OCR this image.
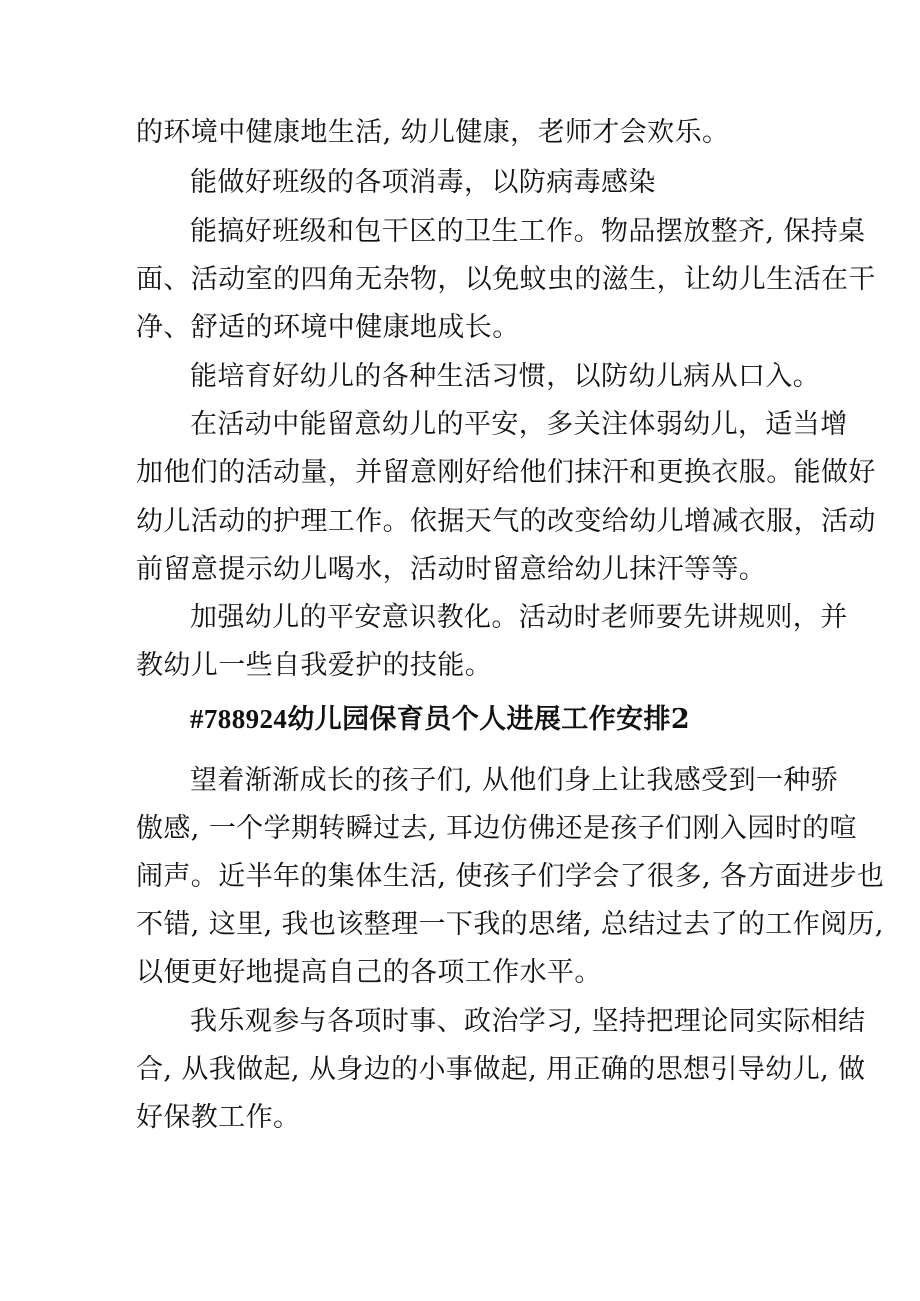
的环境中健康地生活, 幼儿健康，老师才会欢乐。

能做好班级的各项消毒，以防病毒感染

能搞好班级和包干区的卫生工作。物品摆放整齐, 保持桌

面、活动室的四角无杂物，以免蚊虫的滋生，让幼儿生活在干

净、舒适的环境中健康地成长。

能培育好幼儿的各种生活习惯，以防幼儿病从口入。

在活动中能留意幼儿的平安，多关注体弱幼儿，适当增

加他们的活动量，并留意刚好给他们抹汗和更换衣服。能做好

幼儿活动的护理工作。依据天气的改变给幼儿增减衣服，活动

前留意提示幼儿喝水，活动时留意给幼儿抹汗等等。

加强幼儿的平安意识教化。活动时老师要先讲规则，并

教幼儿一些自我爱护的技能。

#788924幼儿园保育员个人进展工作安排2

望着渐渐成长的孩子们, 从他们身上让我感受到一种骄

傲感, 一个学期转瞬过去, 耳边仿佛还是孩子们刚入园时的喧

闹声。近半年的集体生活, 使孩子们学会了很多, 各方面进步也

不错, 这里, 我也该整理一下我的思绪, 总结过去了的工作阅历,

以便更好地提高自己的各项工作水平。

我乐观参与各项时事、政治学习, 坚持把理论同实际相结

合, 从我做起, 从身边的小事做起, 用正确的思想引导幼儿, 做

好保教工作。
